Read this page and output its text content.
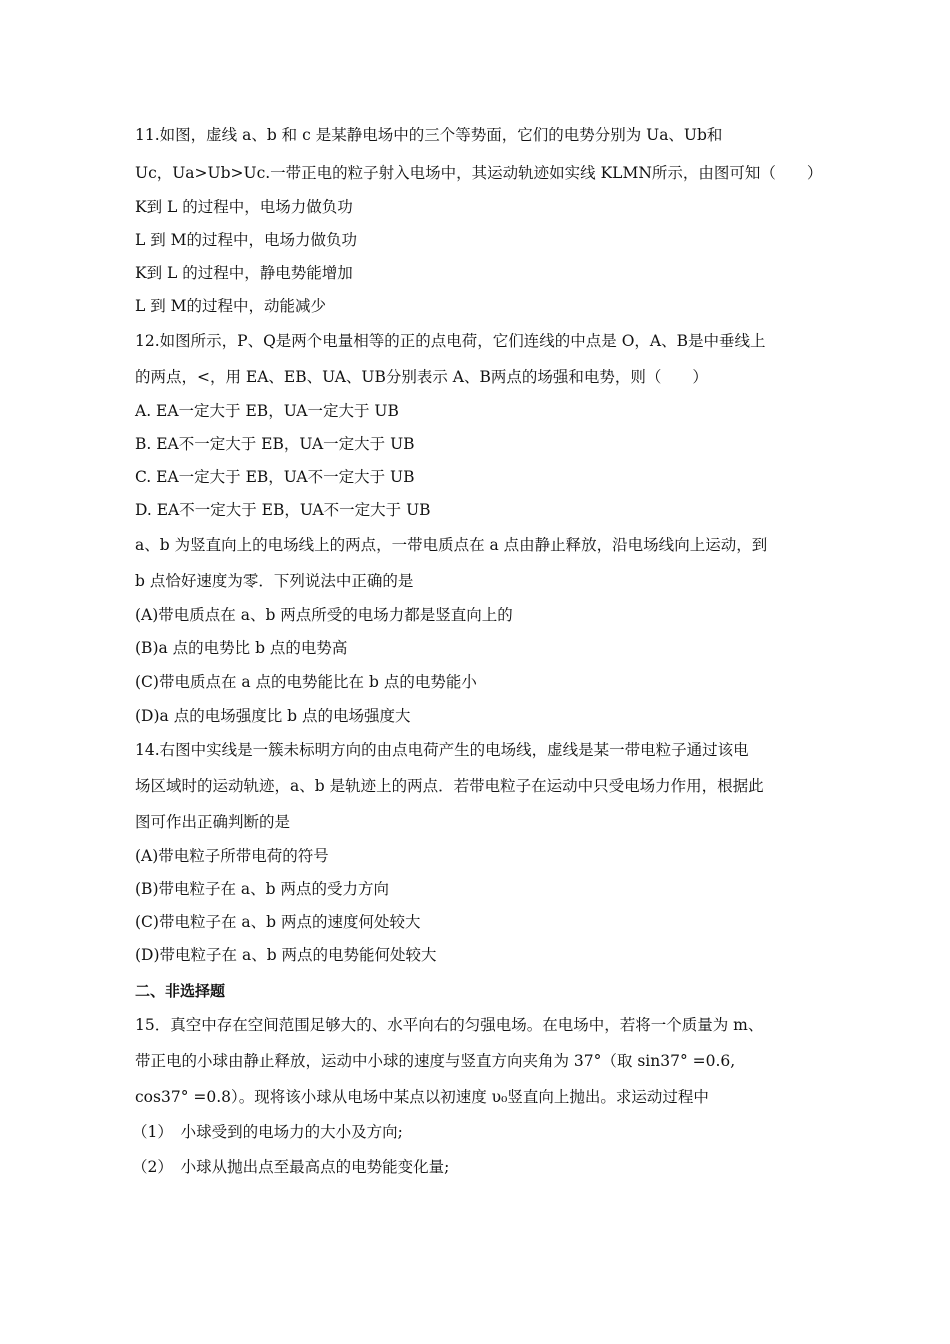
11.如图，虚线 a、b 和 c 是某静电场中的三个等势面，它们的电势分别为 Ua、Ub和
Uc，Ua>Ub>Uc.一带正电的粒子射入电场中，其运动轨迹如实线 KLMN所示，由图可知（　　）
K到 L 的过程中，电场力做负功
L 到 M的过程中，电场力做负功
K到 L 的过程中，静电势能增加
L 到 M的过程中，动能减少
12.如图所示，P、Q是两个电量相等的正的点电荷，它们连线的中点是 O，A、B是中垂线上
的两点，<，用 EA、EB、UA、UB分别表示 A、B两点的场强和电势，则（　　）
A. EA一定大于 EB，UA一定大于 UB
B. EA不一定大于 EB，UA一定大于 UB
C. EA一定大于 EB，UA不一定大于 UB
D. EA不一定大于 EB，UA不一定大于 UB
a、b 为竖直向上的电场线上的两点，一带电质点在 a 点由静止释放，沿电场线向上运动，到
b 点恰好速度为零．下列说法中正确的是
(A)带电质点在 a、b 两点所受的电场力都是竖直向上的
(B)a 点的电势比 b 点的电势高
(C)带电质点在 a 点的电势能比在 b 点的电势能小
(D)a 点的电场强度比 b 点的电场强度大
14.右图中实线是一簇未标明方向的由点电荷产生的电场线，虚线是某一带电粒子通过该电
场区域时的运动轨迹，a、b 是轨迹上的两点．若带电粒子在运动中只受电场力作用，根据此
图可作出正确判断的是
(A)带电粒子所带电荷的符号
(B)带电粒子在 a、b 两点的受力方向
(C)带电粒子在 a、b 两点的速度何处较大
(D)带电粒子在 a、b 两点的电势能何处较大
二、非选择题
15．真空中存在空间范围足够大的、水平向右的匀强电场。在电场中，若将一个质量为 m、
带正电的小球由静止释放，运动中小球的速度与竖直方向夹角为 37°（取 sin37° =0.6,
cos37° =0.8）。现将该小球从电场中某点以初速度 υ₀竖直向上抛出。求运动过程中
（1）　小球受到的电场力的大小及方向;
（2）　小球从抛出点至最高点的电势能变化量;
